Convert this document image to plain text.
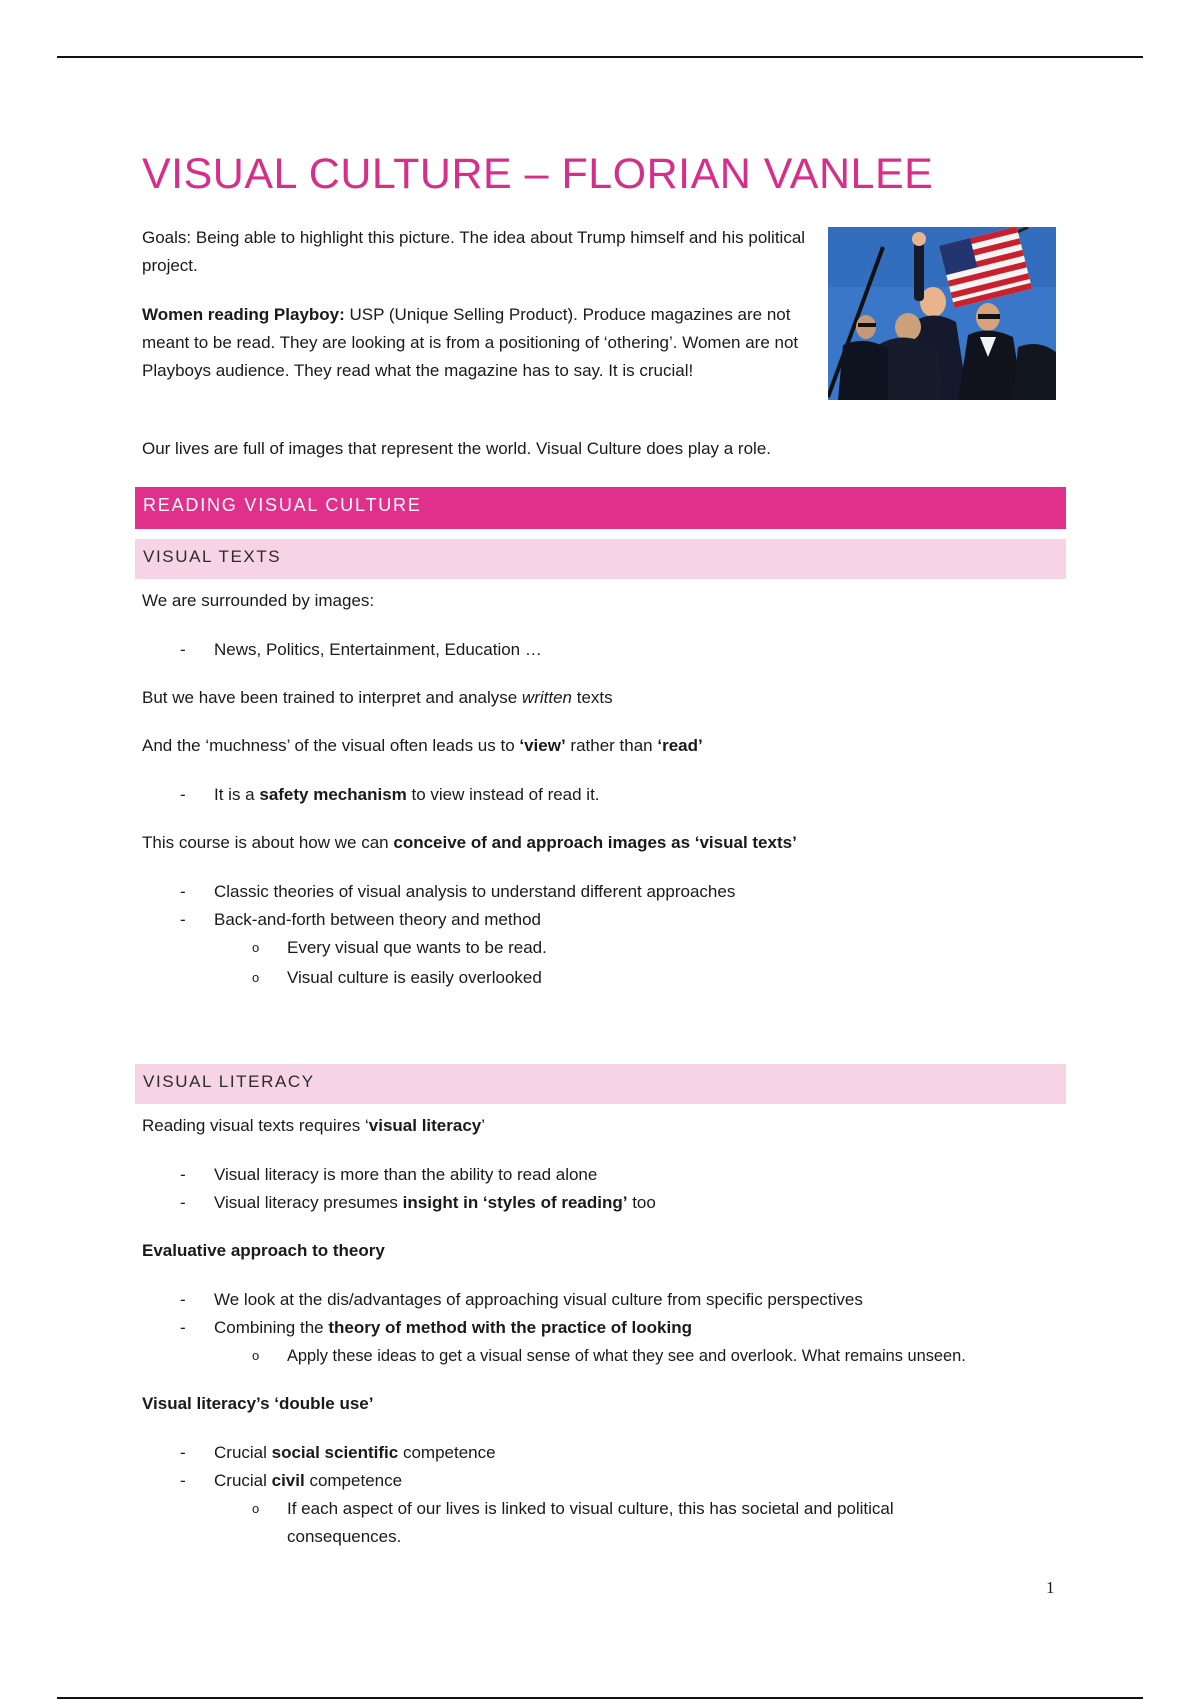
VISUAL CULTURE – FLORIAN VANLEE
Goals: Being able to highlight this picture. The idea about Trump himself and his political project.
Women reading Playboy: USP (Unique Selling Product). Produce magazines are not meant to be read. They are looking at is from a positioning of ‘othering’. Women are not Playboys audience. They read what the magazine has to say. It is crucial!
Our lives are full of images that represent the world. Visual Culture does play a role.
READING VISUAL CULTURE
VISUAL TEXTS
We are surrounded by images:
- News, Politics, Entertainment, Education …
But we have been trained to interpret and analyse written texts
And the ‘muchness’ of the visual often leads us to ‘view’ rather than ‘read’
- It is a safety mechanism to view instead of read it.
This course is about how we can conceive of and approach images as ‘visual texts’
- Classic theories of visual analysis to understand different approaches
- Back-and-forth between theory and method
o Every visual que wants to be read.
o Visual culture is easily overlooked
VISUAL LITERACY
Reading visual texts requires ‘visual literacy’
- Visual literacy is more than the ability to read alone
- Visual literacy presumes insight in ‘styles of reading’ too
Evaluative approach to theory
- We look at the dis/advantages of approaching visual culture from specific perspectives
- Combining the theory of method with the practice of looking
o Apply these ideas to get a visual sense of what they see and overlook. What remains unseen.
Visual literacy’s ‘double use’
- Crucial social scientific competence
- Crucial civil competence
o If each aspect of our lives is linked to visual culture, this has societal and political consequences.
1
